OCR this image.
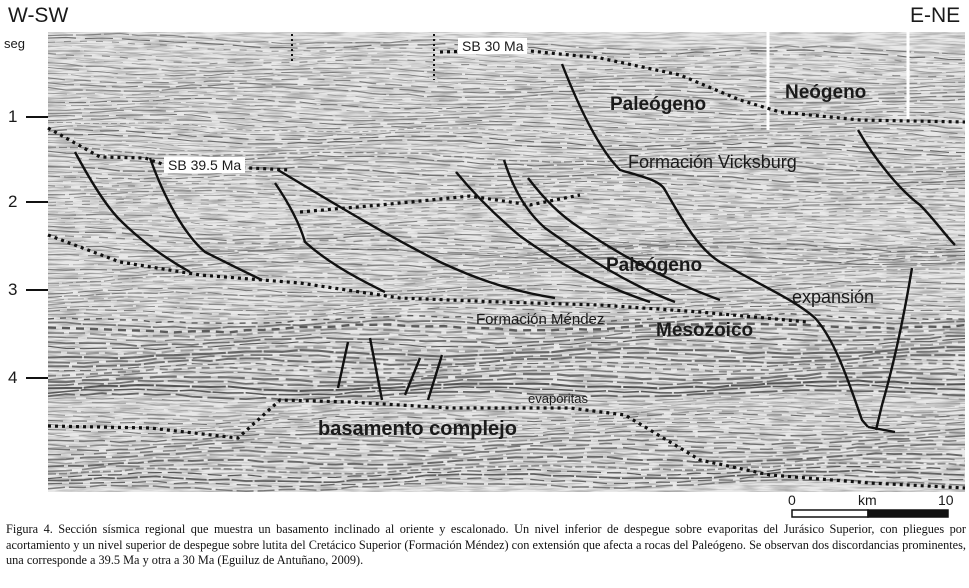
W-SW	E-NE
seg
1
2
3
4
SB 30 Ma
SB 39.5 Ma
Paleógeno
Neógeno
Formación Vicksburg
Paleógeno
expansión
Formación Méndez
Mesozoico
evaporitas
basamento complejo
0	km	10
Figura 4. Sección sísmica regional que muestra un basamento inclinado al oriente y escalonado. Un nivel inferior de despegue sobre evaporitas del Jurásico Superior, con pliegues por acortamiento y un nivel superior de despegue sobre lutita del Cretácico Superior (Formación Méndez) con extensión que afecta a rocas del Paleógeno. Se observan dos discordancias prominentes, una corresponde a 39.5 Ma y otra a 30 Ma (Eguiluz de Antuñano, 2009).
